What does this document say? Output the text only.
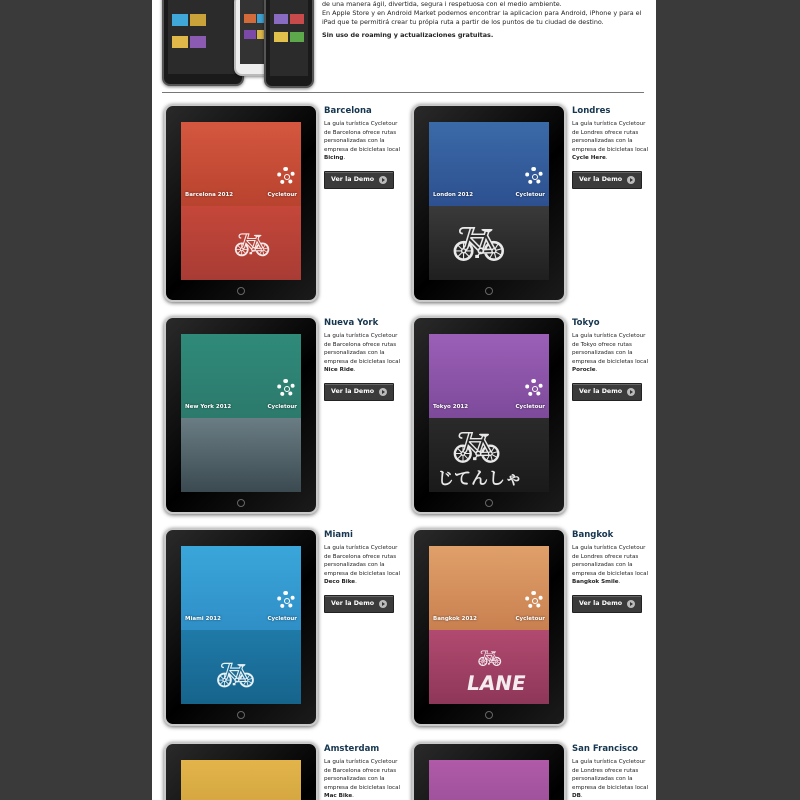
de una manera ágil, divertida, segura i respetuosa con el medio ambiente.

En Apple Store y en Android Market podemos encontrar la aplicacion para Android, iPhone y para el

iPad que te permitirá crear tu própia ruta a partir de los puntos de tu ciudad de destino.

Sin uso de roaming y actualizaciones gratuitas.

🚲︎
Barcelona 2012	Cycletour

Barcelona

La guía turística Cycletour de Barcelona ofrece rutas personalizadas con la empresa de bicicletas local Bicing.

Ver la Demo
🚲︎
London 2012	Cycletour

Londres

La guía turística Cycletour de Londres ofrece rutas personalizadas con la empresa de bicicletas local Cycle Here.

Ver la Demo
New York 2012	Cycletour

Nueva York

La guía turística Cycletour de Barcelona ofrece rutas personalizadas con la empresa de bicicletas local Nice Ride.

Ver la Demo
🚲︎
じてんしゃ
Tokyo 2012	Cycletour

Tokyo

La guía turística Cycletour de Tokyo ofrece rutas personalizadas con la empresa de bicicletas local Porocle.

Ver la Demo
🚲︎
Miami 2012	Cycletour

Miami

La guía turística Cycletour de Barcelona ofrece rutas personalizadas con la empresa de bicicletas local Deco Bike.

Ver la Demo
LANE
🚲︎
Bangkok 2012	Cycletour

Bangkok

La guía turística Cycletour de Londres ofrece rutas personalizadas con la empresa de bicicletas local Bangkok Smile.

Ver la Demo

Amsterdam

La guía turística Cycletour de Barcelona ofrece rutas personalizadas con la empresa de bicicletas local Mac Bike.

San Francisco

La guía turística Cycletour de Londres ofrece rutas personalizadas con la empresa de bicicletas local DB.
